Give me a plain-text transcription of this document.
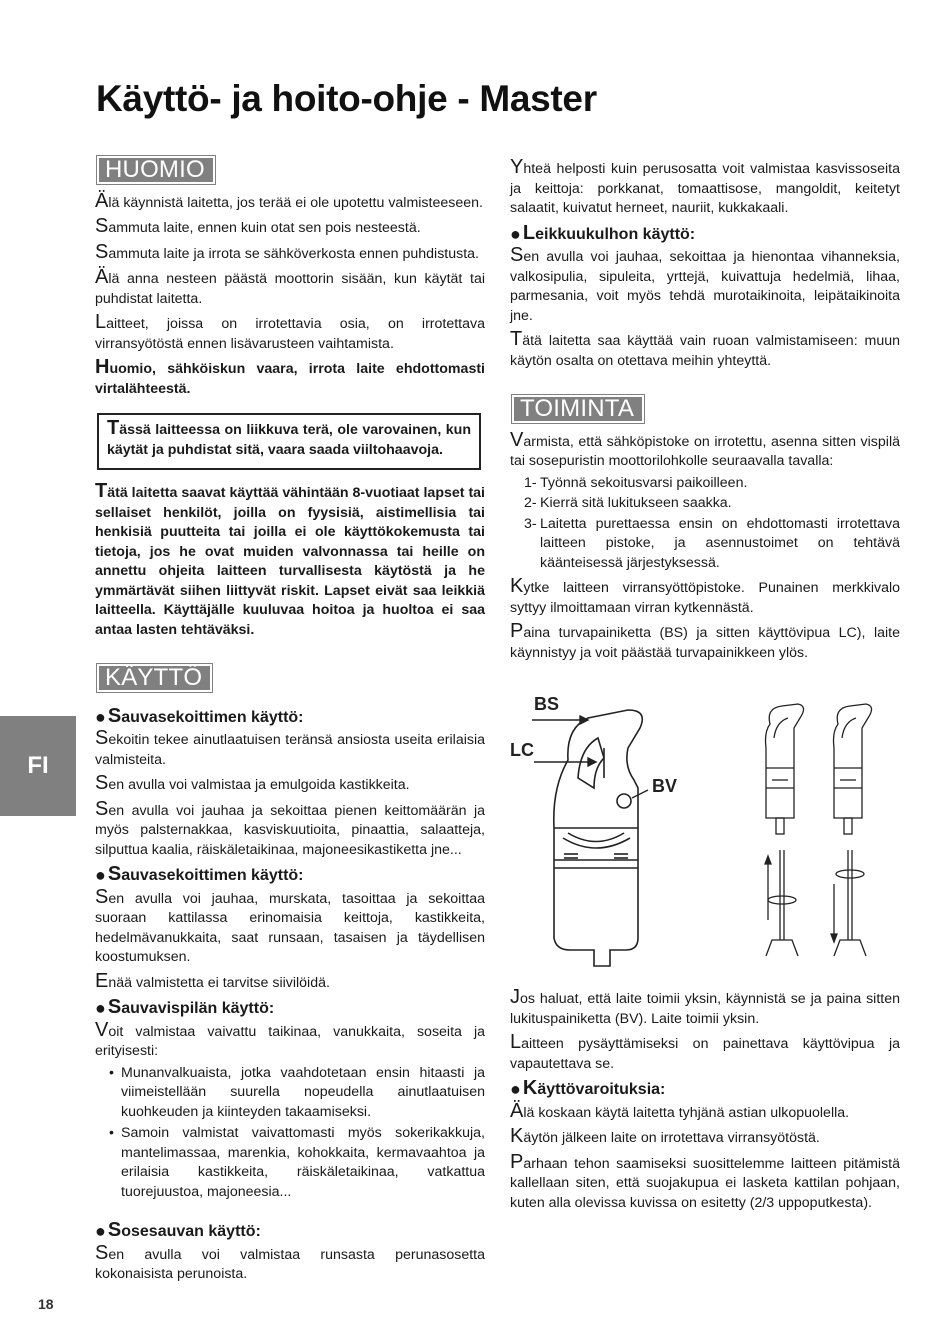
Käyttö- ja hoito-ohje - Master
HUOMIO

Älä käynnistä laitetta, jos terää ei ole upotettu valmisteeseen.

Sammuta laite, ennen kuin otat sen pois nesteestä.

Sammuta laite ja irrota se sähköverkosta ennen puhdistusta.

Älä anna nesteen päästä moottorin sisään, kun käytät tai puhdistat laitetta.

Laitteet, joissa on irrotettavia osia, on irrotettava virransyötöstä ennen lisävarusteen vaihtamista.

Huomio, sähköiskun vaara, irrota laite ehdottomasti virtalähteestä.

Tässä laitteessa on liikkuva terä, ole varovainen, kun käytät ja puhdistat sitä, vaara saada viiltohaavoja.

Tätä laitetta saavat käyttää vähintään 8-vuotiaat lapset tai sellaiset henkilöt, joilla on fyysisiä, aistimellisia tai henkisiä puutteita tai joilla ei ole käyttökokemusta tai tietoja, jos he ovat muiden valvonnassa tai heille on annettu ohjeita laitteen turvallisesta käytöstä ja he ymmärtävät siihen liittyvät riskit. Lapset eivät saa leikkiä laitteella. Käyttäjälle kuuluvaa hoitoa ja huoltoa ei saa antaa lasten tehtäväksi.

KÄYTTÖ
● Sauvasekoittimen käyttö:

Sekoitin tekee ainutlaatuisen teränsä ansiosta useita erilaisia valmisteita.

Sen avulla voi valmistaa ja emulgoida kastikkeita.

Sen avulla voi jauhaa ja sekoittaa pienen keittomäärän ja myös palsternakkaa, kasviskuutioita, pinaattia, salaatteja, silputtua kaalia, räiskäletaikinaa, majoneesikastiketta jne...

● Sauvasekoittimen käyttö:

Sen avulla voi jauhaa, murskata, tasoittaa ja sekoittaa suoraan kattilassa erinomaisia keittoja, kastikkeita, hedelmävanukkaita, saat runsaan, tasaisen ja täydellisen koostumuksen.

Enää valmistetta ei tarvitse siivilöidä.

● Sauvavispilän käyttö:

Voit valmistaa vaivattu taikinaa, vanukkaita, soseita ja erityisesti:

• Munanvalkuaista, jotka vaahdotetaan ensin hitaasti ja viimeistellään suurella nopeudella ainutlaatuisen kuohkeuden ja kiinteyden takaamiseksi.
• Samoin valmistat vaivattomasti myös sokerikakkuja, mantelimassaa, marenkia, kohokkaita, kermavaahtoa ja erilaisia kastikkeita, räiskäletaikinaa, vatkattua tuorejuustoa, majoneesia...
● Sosesauvan käyttö:

Sen avulla voi valmistaa runsasta perunasosetta kokonaisista perunoista.

Yhteä helposti kuin perusosatta voit valmistaa kasvissoseita ja keittoja: porkkanat, tomaattisose, mangoldit, keitetyt salaatit, kuivatut herneet, nauriit, kukkakaali.

● Leikkuukulhon käyttö:

Sen avulla voi jauhaa, sekoittaa ja hienontaa vihanneksia, valkosipulia, sipuleita, yrttejä, kuivattuja hedelmiä, lihaa, parmesania, voit myös tehdä murotaikinoita, leipätaikinoita jne.

Tätä laitetta saa käyttää vain ruoan valmistamiseen: muun käytön osalta on otettava meihin yhteyttä.

TOIMINTA

Varmista, että sähköpistoke on irrotettu, asenna sitten vispilä tai sosepuristin moottorilohkolle seuraavalla tavalla:

1- Työnnä sekoitusvarsi paikoilleen.
2- Kierrä sitä lukitukseen saakka.
3- Laitetta purettaessa ensin on ehdottomasti irrotettava laitteen pistoke, ja asennustoimet on tehtävä käänteisessä järjestyksessä.

Kytke laitteen virransyöttöpistoke. Punainen merkkivalo syttyy ilmoittamaan virran kytkennästä.

Paina turvapainiketta (BS) ja sitten käyttövipua LC), laite käynnistyy ja voit päästää turvapainikkeen ylös.

BS
LC
BV

Jos haluat, että laite toimii yksin, käynnistä se ja paina sitten lukituspainiketta (BV). Laite toimii yksin.

Laitteen pysäyttämiseksi on painettava käyttövipua ja vapautettava se.

● Käyttövaroituksia:

Älä koskaan käytä laitetta tyhjänä astian ulkopuolella.

Käytön jälkeen laite on irrotettava virransyötöstä.

Parhaan tehon saamiseksi suosittelemme laitteen pitämistä kallellaan siten, että suojakupua ei lasketa kattilan pohjaan, kuten alla olevissa kuvissa on esitetty (2/3 uppoputkesta).

FI
18
